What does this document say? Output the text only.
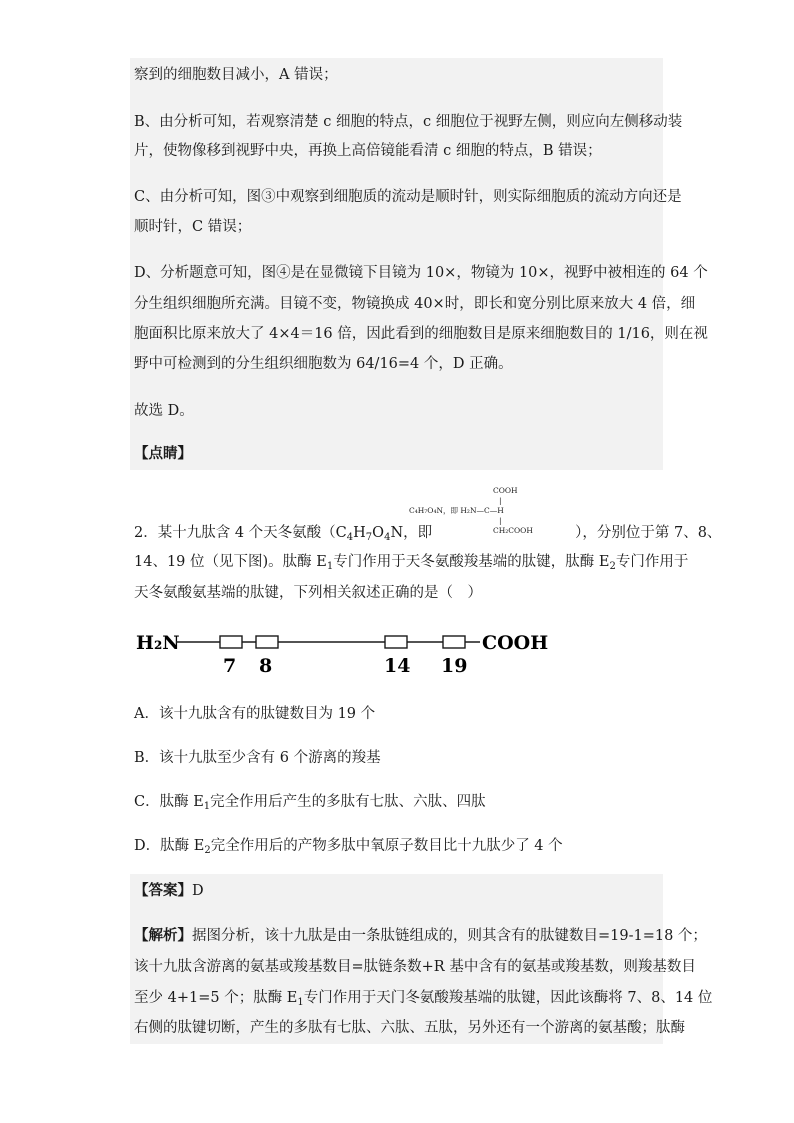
察到的细胞数目减小，A 错误；
B、由分析可知，若观察清楚 c 细胞的特点，c 细胞位于视野左侧，则应向左侧移动装
片，使物像移到视野中央，再换上高倍镜能看清 c 细胞的特点，B 错误；
C、由分析可知，图③中观察到细胞质的流动是顺时针，则实际细胞质的流动方向还是
顺时针，C 错误；
D、分析题意可知，图④是在显微镜下目镜为 10×，物镜为 10×，视野中被相连的 64 个
分生组织细胞所充满。目镜不变，物镜换成 40×时，即长和宽分别比原来放大 4 倍，细
胞面积比原来放大了 4×4＝16 倍，因此看到的细胞数目是原来细胞数目的 1/16，则在视
野中可检测到的分生组织细胞数为 64/16=4 个，D 正确。
故选 D。
【点睛】
COOH
|
C₄H₇O₄N，即 H₂N—C—H
|
CH₂COOH
2．某十九肽含 4 个天冬氨酸（$C_4H_7O_4N$，即	），分别位于第 7、8、
14、19 位（见下图)。肽酶 $E_1$专门作用于天冬氨酸羧基端的肽键，肽酶 $E_2$专门作用于
天冬氨酸氨基端的肽键，下列相关叙述正确的是（　）
H₂N	COOH
7 8	14 19
A．该十九肽含有的肽键数目为 19 个
B．该十九肽至少含有 6 个游离的羧基
C．肽酶 $E_1$完全作用后产生的多肽有七肽、六肽、四肽
D．肽酶 $E_2$完全作用后的产物多肽中氧原子数目比十九肽少了 4 个
【答案】D
【解析】据图分析，该十九肽是由一条肽链组成的，则其含有的肽键数目=19-1=18 个；
该十九肽含游离的氨基或羧基数目=肽链条数+R 基中含有的氨基或羧基数，则羧基数目
至少 4+1=5 个；肽酶 $E_1$专门作用于天门冬氨酸羧基端的肽键，因此该酶将 7、8、14 位
右侧的肽键切断，产生的多肽有七肽、六肽、五肽，另外还有一个游离的氨基酸；肽酶
